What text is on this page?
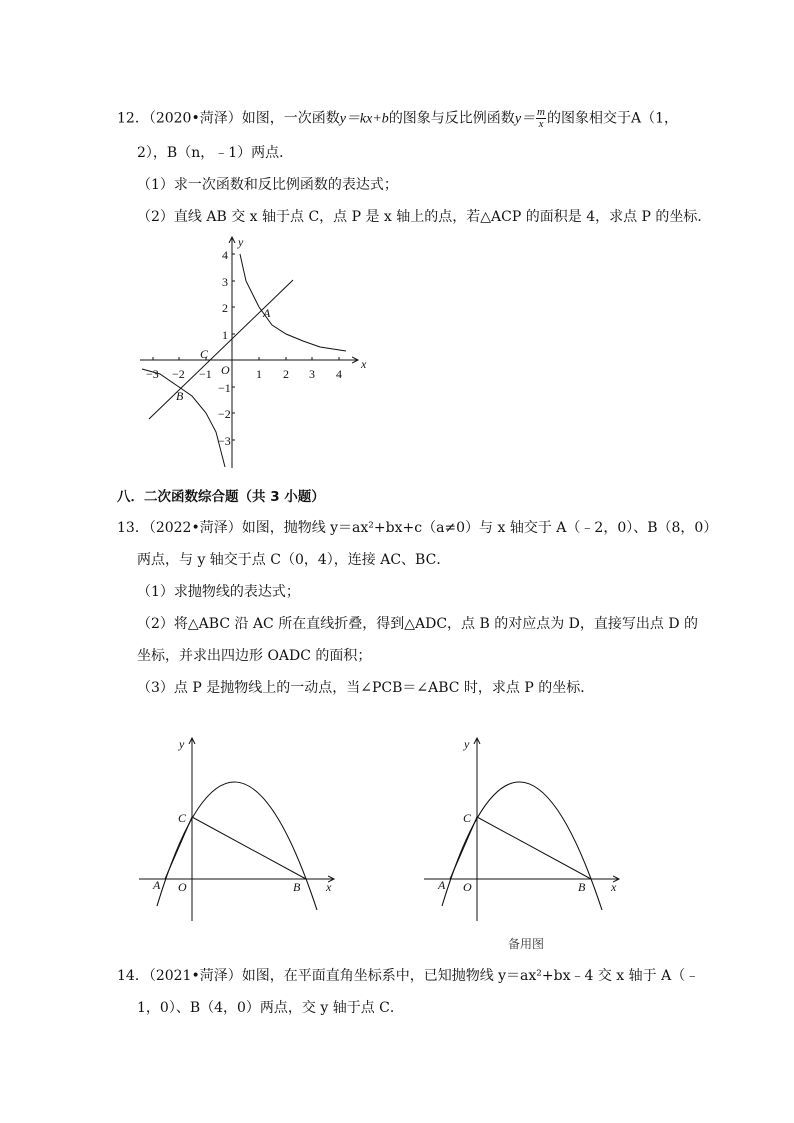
12．（2020•菏泽）如图，一次函数y＝kx+b的图象与反比例函数$y= \frac{m}{x}$ 的图象相交于A（1，
2），B（n，﹣1）两点．
（1）求一次函数和反比例函数的表达式；
（2）直线 AB 交 x 轴于点 C，点 P 是 x 轴上的点，若△ACP 的面积是 4，求点 P 的坐标．
x
y
O
−3 −2 −1	1 2 3 4
4
3
2
1
−1
−2
−3
A
B
C
八．二次函数综合题（共 3 小题）
13．（2022•菏泽）如图，抛物线 y＝ax²+bx+c（a≠0）与 x 轴交于 A（﹣2，0）、B（8，0）
两点，与 y 轴交于点 C（0，4），连接 AC、BC．
（1）求抛物线的表达式；
（2）将△ABC 沿 AC 所在直线折叠，得到△ADC，点 B 的对应点为 D，直接写出点 D 的
坐标，并求出四边形 OADC 的面积；
（3）点 P 是抛物线上的一动点，当∠PCB＝∠ABC 时，求点 P 的坐标．
x
y
O
A	B
C
x
y
O
A	B
C
备用图
14．（2021•菏泽）如图，在平面直角坐标系中，已知抛物线 y＝ax²+bx﹣4 交 x 轴于 A（﹣
1，0）、B（4，0）两点，交 y 轴于点 C．
